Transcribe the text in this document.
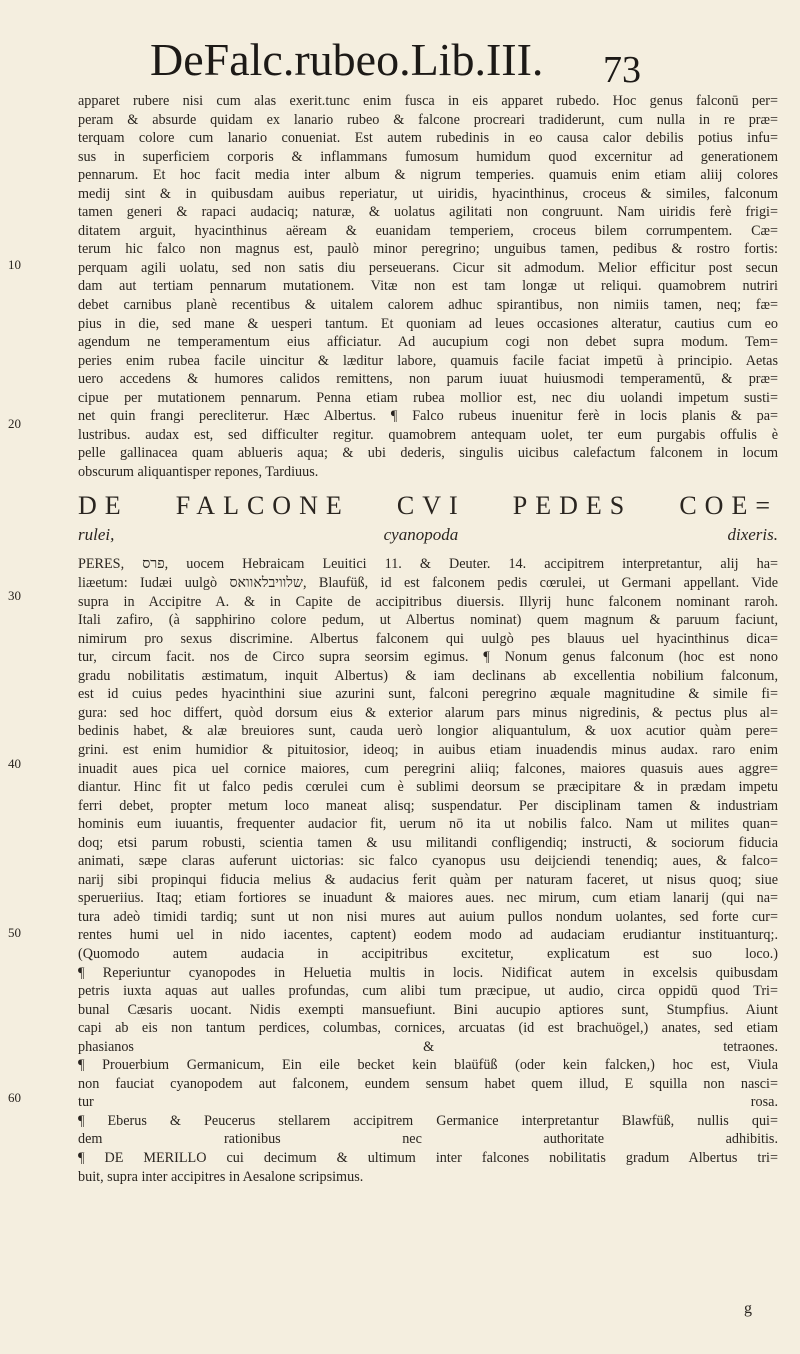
DeFalc.rubeo.Lib.III. 73
10
20
30
40
50
60
apparet rubere nisi cum alas exerit.tunc enim fusca in eis apparet rubedo. Hoc genus falconū per=
peram & absurde quidam ex lanario rubeo & falcone procreari tradiderunt, cum nulla in re præ=
terquam colore cum lanario conueniat. Est autem rubedinis in eo causa calor debilis potius infu=
sus in superficiem corporis & inflammans fumosum humidum quod excernitur ad generationem
pennarum. Et hoc facit media inter album & nigrum temperies. quamuis enim etiam aliij colores
medij sint & in quibusdam auibus reperiatur, ut uiridis, hyacinthinus, croceus & similes, falconum
tamen generi & rapaci audaciq; naturæ, & uolatus agilitati non congruunt. Nam uiridis ferè frigi=
ditatem arguit, hyacinthinus aëream & euanidam temperiem, croceus bilem corrumpentem. Cæ=
terum hic falco non magnus est, paulò minor peregrino; unguibus tamen, pedibus & rostro fortis:
perquam agili uolatu, sed non satis diu perseuerans. Cicur sit admodum. Melior efficitur post secun
dam aut tertiam pennarum mutationem. Vitæ non est tam longæ ut reliqui. quamobrem nutriri
debet carnibus planè recentibus & uitalem calorem adhuc spirantibus, non nimiis tamen, neq; fæ=
pius in die, sed mane & uesperi tantum. Et quoniam ad leues occasiones alteratur, cautius cum eo
agendum ne temperamentum eius afficiatur. Ad aucupium cogi non debet supra modum. Tem=
peries enim rubea facile uincitur & læditur labore, quamuis facile faciat impetū à principio. Aetas
uero accedens & humores calidos remittens, non parum iuuat huiusmodi temperamentū, & præ=
cipue per mutationem pennarum. Penna etiam rubea mollior est, nec diu uolandi impetum susti=
net quin frangi perecliteтur. Hæc Albertus. ¶ Falco rubeus inuenitur ferè in locis planis & pa=
lustribus. audax est, sed difficulter regitur. quamobrem antequam uolet, ter eum purgabis offulis è
pelle gallinacea quam ablueris aqua; & ubi dederis, singulis uicibus calefactum falconem in locum
obscurum aliquantisper repones, Tardiuus.
DE FALCONE CVI PEDES COE=
rulei, cyanopoda dixeris.
PERES, פרס, uocem Hebraicam Leuitici 11. & Deuter. 14. accipitrem interpretantur, alij ha=
liæetum: Iudæi uulgò שלוויבלאוואס, Blaufüß, id est falconem pedis cœrulei, ut Germani appellant. Vide
supra in Accipitre A. & in Capite de accipitribus diuersis. Illyrij hunc falconem nominant raroh.
Itali zafiro, (à sapphirino colore pedum, ut Albertus nominat) quem magnum & paruum faciunt,
nimirum pro sexus discrimine. Albertus falconem qui uulgò pes blauus uel hyacinthinus dica=
tur, circum facit. nos de Circo supra seorsim egimus. ¶ Nonum genus falconum (hoc est nono
gradu nobilitatis æstimatum, inquit Albertus) & iam declinans ab excellentia nobilium falconum,
est id cuius pedes hyacinthini siue azurini sunt, falconi peregrino æquale magnitudine & simile fi=
gura: sed hoc differt, quòd dorsum eius & exterior alarum pars minus nigredinis, & pectus plus al=
bedinis habet, & alæ breuiores sunt, cauda uerò longior aliquantulum, & uox acutior quàm pere=
grini. est enim humidior & pituitosior, ideoq; in auibus etiam inuadendis minus audax. raro enim
inuadit aues pica uel cornice maiores, cum peregrini aliiq; falcones, maiores quasuis aues aggre=
diantur. Hinc fit ut falco pedis cœrulei cum è sublimi deorsum se præcipitare & in prædam impetu
ferri debet, propter metum loco maneat alisq; suspendatur. Per disciplinam tamen & industriam
hominis eum iuuantis, frequenter audacior fit, uerum nō ita ut nobilis falco. Nam ut milites quan=
doq; etsi parum robusti, scientia tamen & usu militandi confligendiq; instructi, & sociorum fiducia
animati, sæpe claras auferunt uictorias: sic falco cyanopus usu deijciendi tenendiq; aues, & falco=
narij sibi propinqui fiducia melius & audacius ferit quàm per naturam faceret, ut nisus quoq; siue
sperueriius. Itaq; etiam fortiores se inuadunt & maiores aues. nec mirum, cum etiam lanarij (qui na=
tura adeò timidi tardiq; sunt ut non nisi mures aut auium pullos nondum uolantes, sed forte cur=
rentes humi uel in nido iacentes, captent) eodem modo ad audaciam erudiantur instituanturq;.
(Quomodo autem audacia in accipitribus excitetur, explicatum est suo loco.)
¶ Reperiuntur cyanopodes in Heluetia multis in locis. Nidificat autem in excelsis quibusdam
petris iuxta aquas aut ualles profundas, cum alibi tum præcipue, ut audio, circa oppidū quod Tri=
bunal Cæsaris uocant. Nidis exempti mansuefiunt. Bini aucupio aptiores sunt, Stumpfius. Aiunt
capi ab eis non tantum perdices, columbas, cornices, arcuatas (id est brachuögel,) anates, sed etiam
phasianos & tetraones.
¶ Prouerbium Germanicum, Ein eile becket kein blaüfüß (oder kein falcken,) hoc est, Viula
non fauciat cyanopodem aut falconem, eundem sensum habet quem illud, E squilla non nasci=
tur rosa.
¶ Eberus & Peucerus stellarem accipitrem Germanice interpretantur Blawfüß, nullis qui=
dem rationibus nec authoritate adhibitis.
¶ DE MERILLO cui decimum & ultimum inter falcones nobilitatis gradum Albertus tri=
buit, supra inter accipitres in Aesalone scripsimus.
g
